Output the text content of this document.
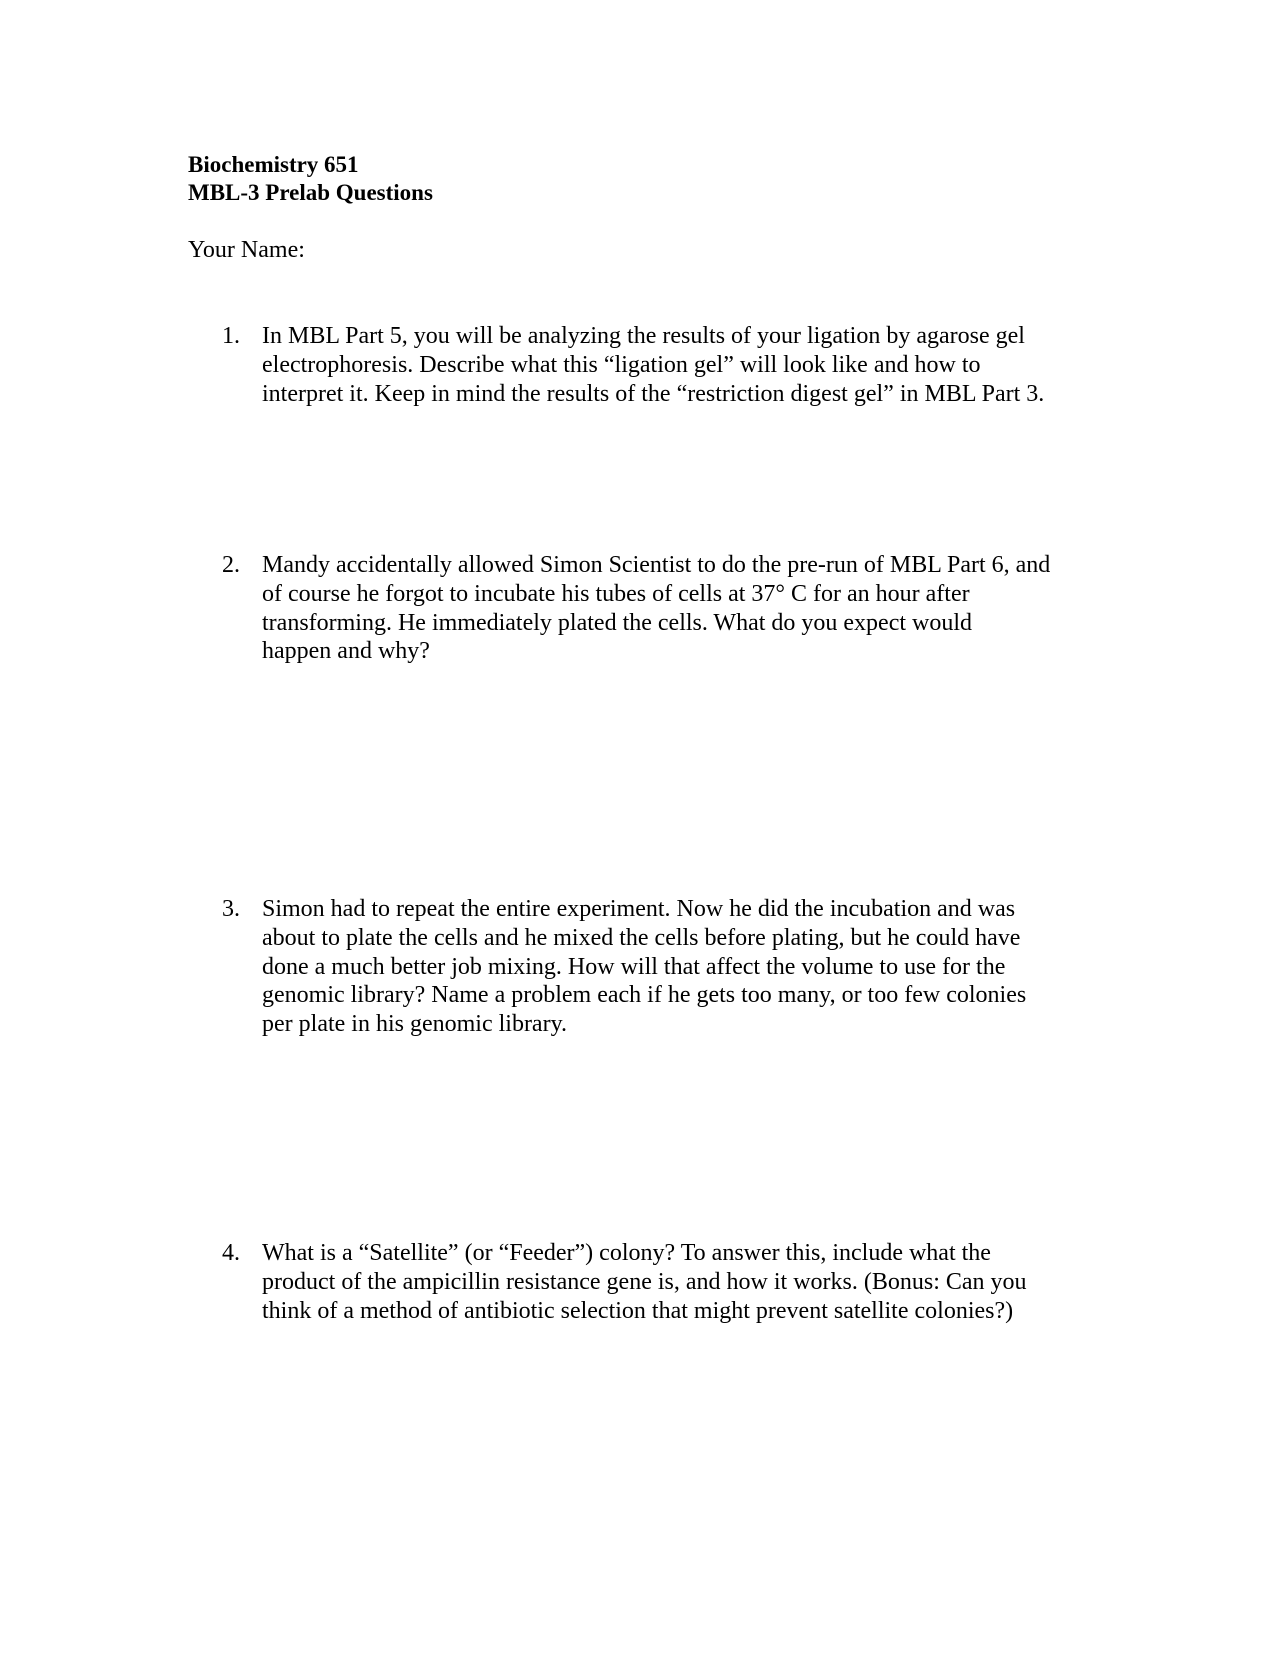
Biochemistry 651
MBL-3 Prelab Questions
Your Name:
1. In MBL Part 5, you will be analyzing the results of your ligation by agarose gel
electrophoresis. Describe what this “ligation gel” will look like and how to
interpret it. Keep in mind the results of the “restriction digest gel” in MBL Part 3.
2. Mandy accidentally allowed Simon Scientist to do the pre-run of MBL Part 6, and
of course he forgot to incubate his tubes of cells at 37° C for an hour after
transforming. He immediately plated the cells. What do you expect would
happen and why?
3. Simon had to repeat the entire experiment. Now he did the incubation and was
about to plate the cells and he mixed the cells before plating, but he could have
done a much better job mixing. How will that affect the volume to use for the
genomic library? Name a problem each if he gets too many, or too few colonies
per plate in his genomic library.
4. What is a “Satellite” (or “Feeder”) colony? To answer this, include what the
product of the ampicillin resistance gene is, and how it works. (Bonus: Can you
think of a method of antibiotic selection that might prevent satellite colonies?)
